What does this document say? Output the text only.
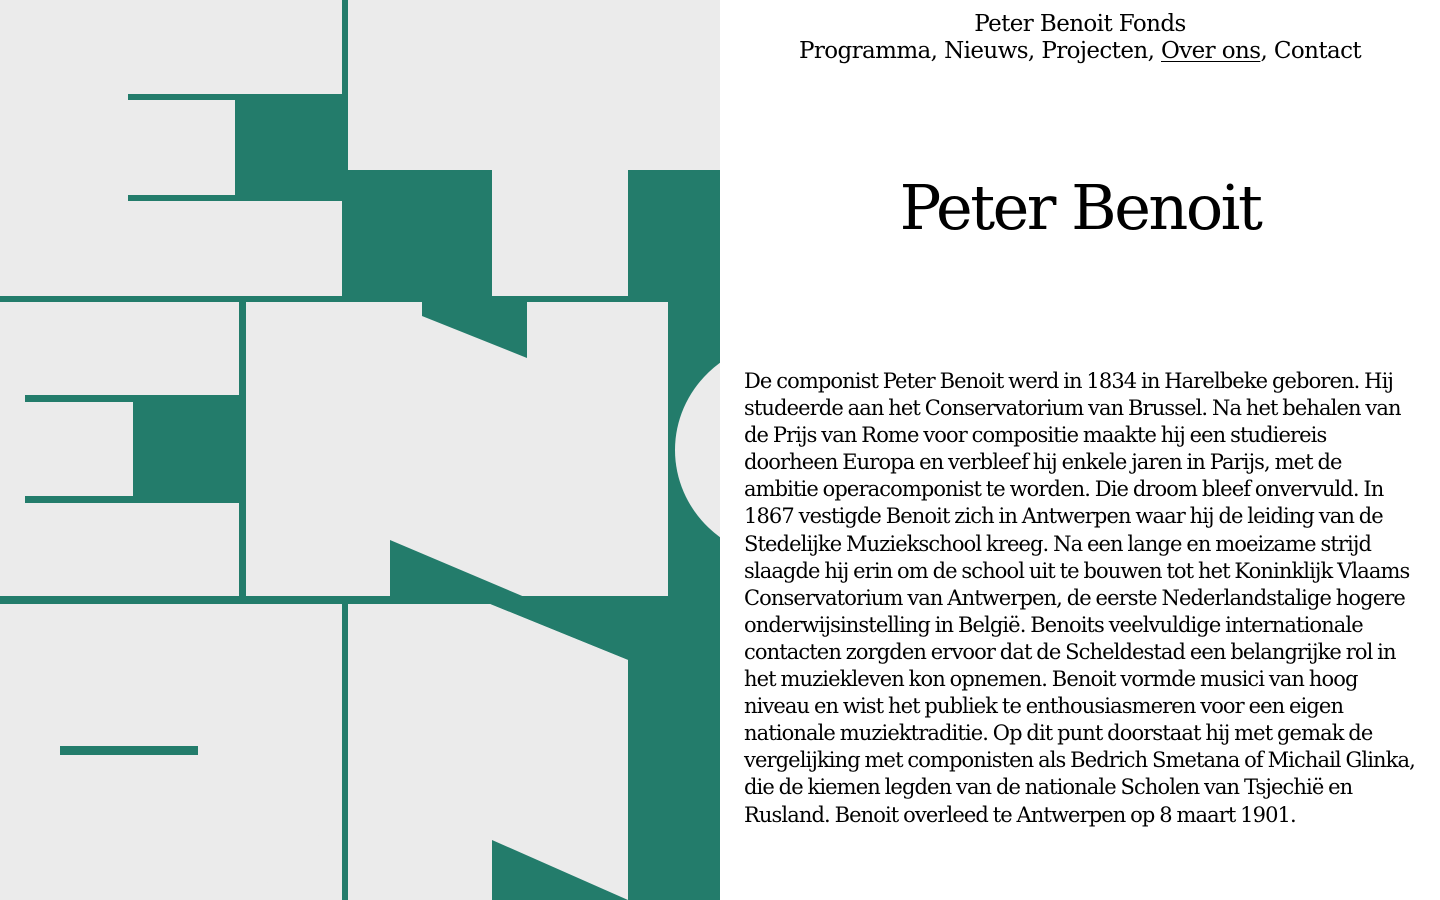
Peter Benoit Fonds
Programma, Nieuws, Projecten, Over ons, Contact
Peter Benoit

De componist Peter Benoit werd in 1834 in Harelbeke geboren. Hij studeerde aan het Conservatorium van Brussel. Na het behalen van de Prijs van Rome voor compositie maakte hij een studiereis doorheen Europa en verbleef hij enkele jaren in Parijs, met de ambitie operacomponist te worden. Die droom bleef onvervuld. In 1867 vestigde Benoit zich in Antwerpen waar hij de leiding van de Stedelijke Muziekschool kreeg. Na een lange en moeizame strijd slaagde hij erin om de school uit te bouwen tot het Koninklijk Vlaams Conservatorium van Antwerpen, de eerste Nederlandstalige hogere onderwijsinstelling in België. Benoits veelvuldige internationale contacten zorgden ervoor dat de Scheldestad een belangrijke rol in het muziekleven kon opnemen. Benoit vormde musici van hoog niveau en wist het publiek te enthousiasmeren voor een eigen nationale muziektraditie. Op dit punt doorstaat hij met gemak de vergelijking met componisten als Bedrich Smetana of Michail Glinka, die de kiemen legden van de nationale Scholen van Tsjechië en Rusland. Benoit overleed te Antwerpen op 8 maart 1901.
